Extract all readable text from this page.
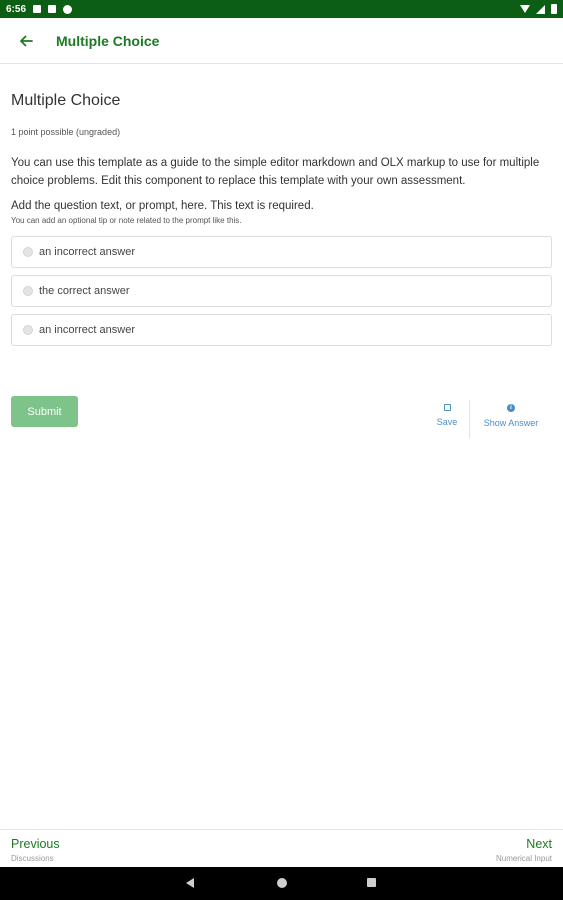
6:56
Multiple Choice
Multiple Choice
1 point possible (ungraded)
You can use this template as a guide to the simple editor markdown and OLX markup to use for multiple choice problems. Edit this component to replace this template with your own assessment.
Add the question text, or prompt, here. This text is required.
You can add an optional tip or note related to the prompt like this.
an incorrect answer
the correct answer
an incorrect answer
Submit
Save
i
Show Answer
Previous
Discussions
Next
Numerical Input
